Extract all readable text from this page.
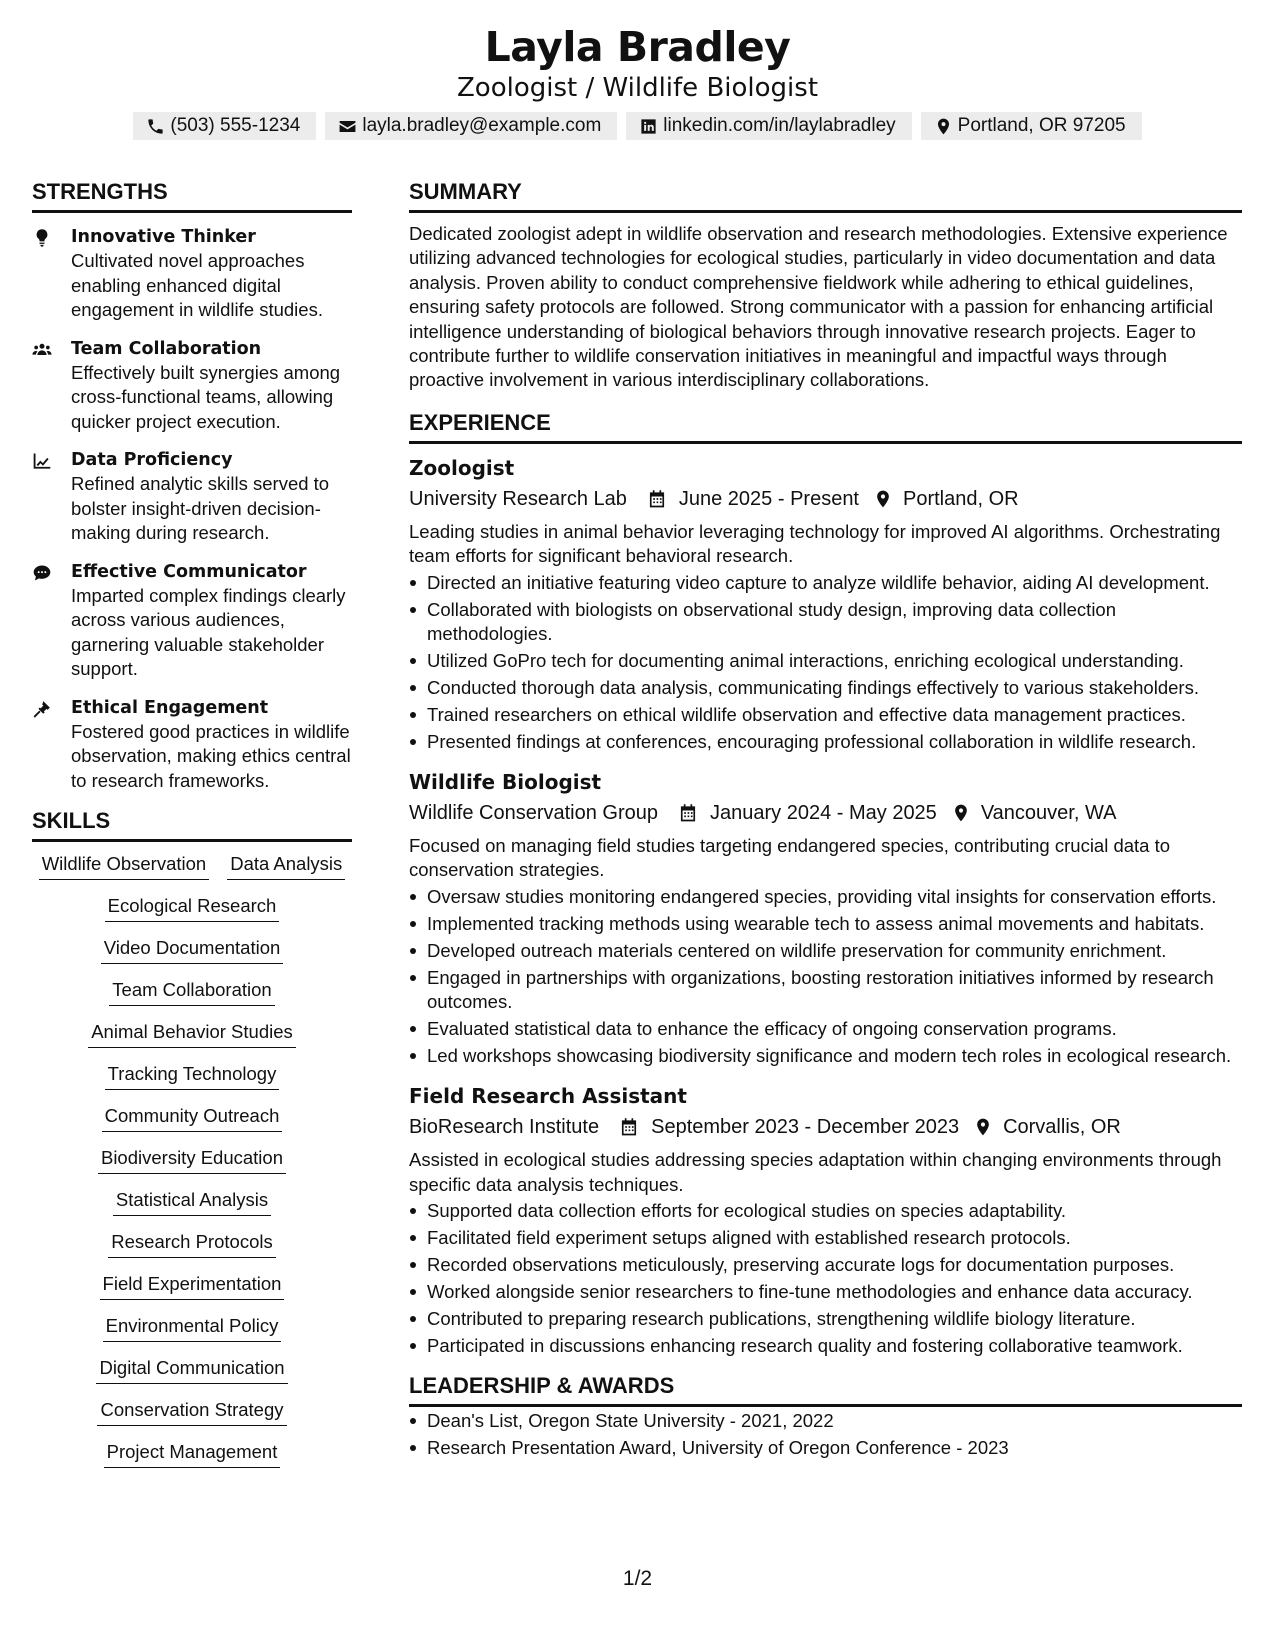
Layla Bradley
Zoologist / Wildlife Biologist
(503) 555-1234	layla.bradley@example.com	linkedin.com/in/laylabradley	Portland, OR 97205
STRENGTHS
Innovative Thinker
Cultivated novel approaches enabling enhanced digital engagement in wildlife studies.
Team Collaboration
Effectively built synergies among cross-functional teams, allowing quicker project execution.
Data Proficiency
Refined analytic skills served to bolster insight-driven decision-making during research.
Effective Communicator
Imparted complex findings clearly across various audiences, garnering valuable stakeholder support.
Ethical Engagement
Fostered good practices in wildlife observation, making ethics central to research frameworks.
SKILLS
Wildlife Observation Data Analysis
Ecological Research
Video Documentation
Team Collaboration
Animal Behavior Studies
Tracking Technology
Community Outreach
Biodiversity Education
Statistical Analysis
Research Protocols
Field Experimentation
Environmental Policy
Digital Communication
Conservation Strategy
Project Management
SUMMARY
Dedicated zoologist adept in wildlife observation and research methodologies. Extensive experience utilizing advanced technologies for ecological studies, particularly in video documentation and data analysis. Proven ability to conduct comprehensive fieldwork while adhering to ethical guidelines, ensuring safety protocols are followed. Strong communicator with a passion for enhancing artificial intelligence understanding of biological behaviors through innovative research projects. Eager to contribute further to wildlife conservation initiatives in meaningful and impactful ways through proactive involvement in various interdisciplinary collaborations.
EXPERIENCE
Zoologist
University Research Lab	June 2025 - Present Portland, OR
Leading studies in animal behavior leveraging technology for improved AI algorithms. Orchestrating team efforts for significant behavioral research.
Directed an initiative featuring video capture to analyze wildlife behavior, aiding AI development.
Collaborated with biologists on observational study design, improving data collection methodologies.
Utilized GoPro tech for documenting animal interactions, enriching ecological understanding.
Conducted thorough data analysis, communicating findings effectively to various stakeholders.
Trained researchers on ethical wildlife observation and effective data management practices.
Presented findings at conferences, encouraging professional collaboration in wildlife research.
Wildlife Biologist
Wildlife Conservation Group	January 2024 - May 2025 Vancouver, WA
Focused on managing field studies targeting endangered species, contributing crucial data to conservation strategies.
Oversaw studies monitoring endangered species, providing vital insights for conservation efforts.
Implemented tracking methods using wearable tech to assess animal movements and habitats.
Developed outreach materials centered on wildlife preservation for community enrichment.
Engaged in partnerships with organizations, boosting restoration initiatives informed by research outcomes.
Evaluated statistical data to enhance the efficacy of ongoing conservation programs.
Led workshops showcasing biodiversity significance and modern tech roles in ecological research.
Field Research Assistant
BioResearch Institute	September 2023 - December 2023 Corvallis, OR
Assisted in ecological studies addressing species adaptation within changing environments through specific data analysis techniques.
Supported data collection efforts for ecological studies on species adaptability.
Facilitated field experiment setups aligned with established research protocols.
Recorded observations meticulously, preserving accurate logs for documentation purposes.
Worked alongside senior researchers to fine-tune methodologies and enhance data accuracy.
Contributed to preparing research publications, strengthening wildlife biology literature.
Participated in discussions enhancing research quality and fostering collaborative teamwork.
LEADERSHIP & AWARDS
Dean's List, Oregon State University - 2021, 2022
Research Presentation Award, University of Oregon Conference - 2023
1/2
